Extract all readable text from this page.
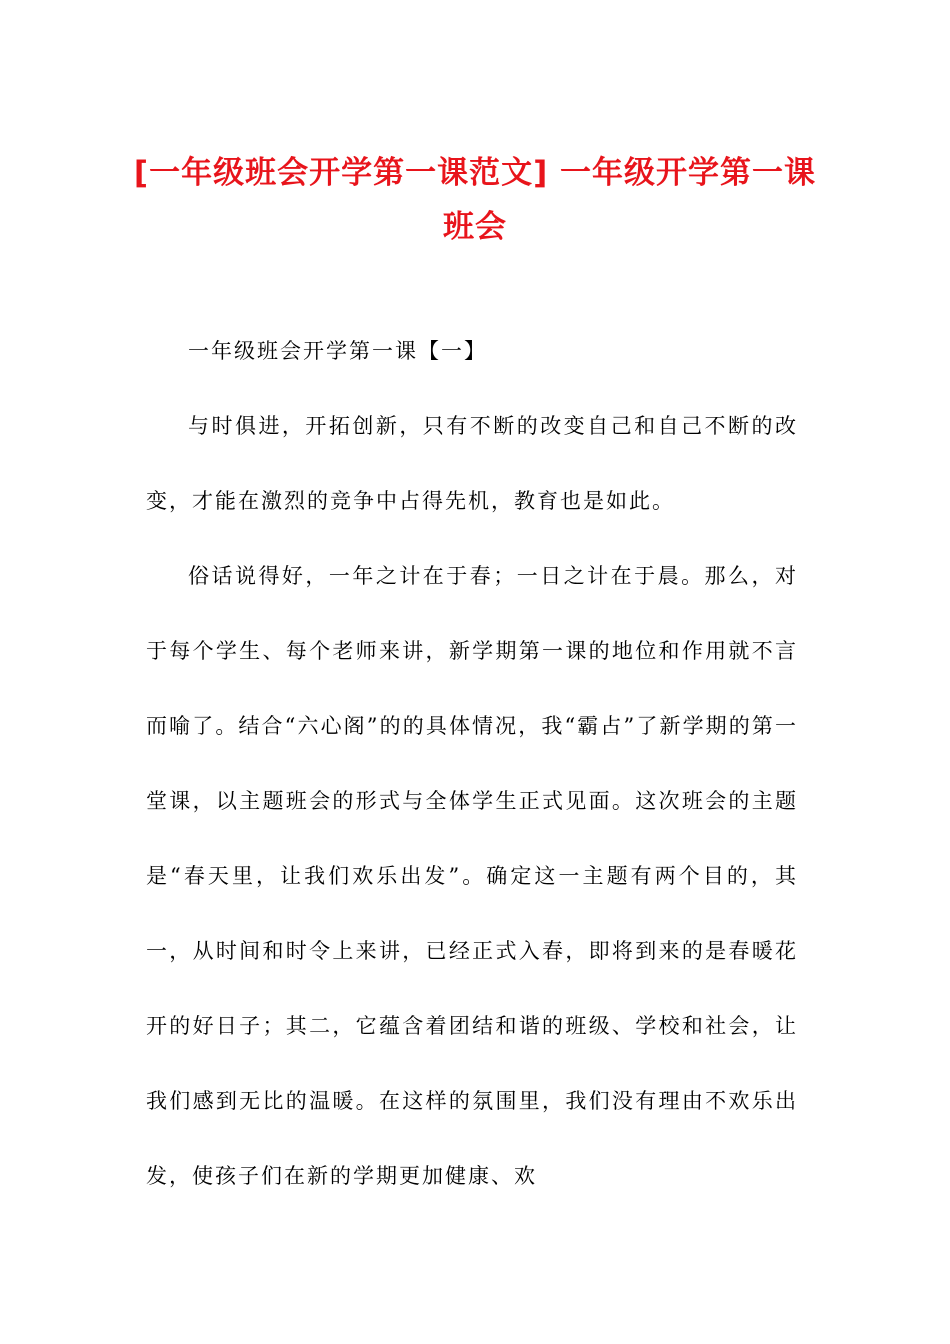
[一年级班会开学第一课范文] 一年级开学第一课班会

一年级班会开学第一课【一】

与时俱进，开拓创新，只有不断的改变自己和自己不断的改变，才能在激烈的竞争中占得先机，教育也是如此。

俗话说得好，一年之计在于春；一日之计在于晨。那么，对于每个学生、每个老师来讲，新学期第一课的地位和作用就不言而喻了。结合“六心阁”的的具体情况，我“霸占”了新学期的第一堂课，以主题班会的形式与全体学生正式见面。这次班会的主题是“春天里，让我们欢乐出发”。确定这一主题有两个目的，其一，从时间和时令上来讲，已经正式入春，即将到来的是春暖花开的好日子；其二，它蕴含着团结和谐的班级、学校和社会，让我们感到无比的温暖。在这样的氛围里，我们没有理由不欢乐出发，使孩子们在新的学期更加健康、欢
